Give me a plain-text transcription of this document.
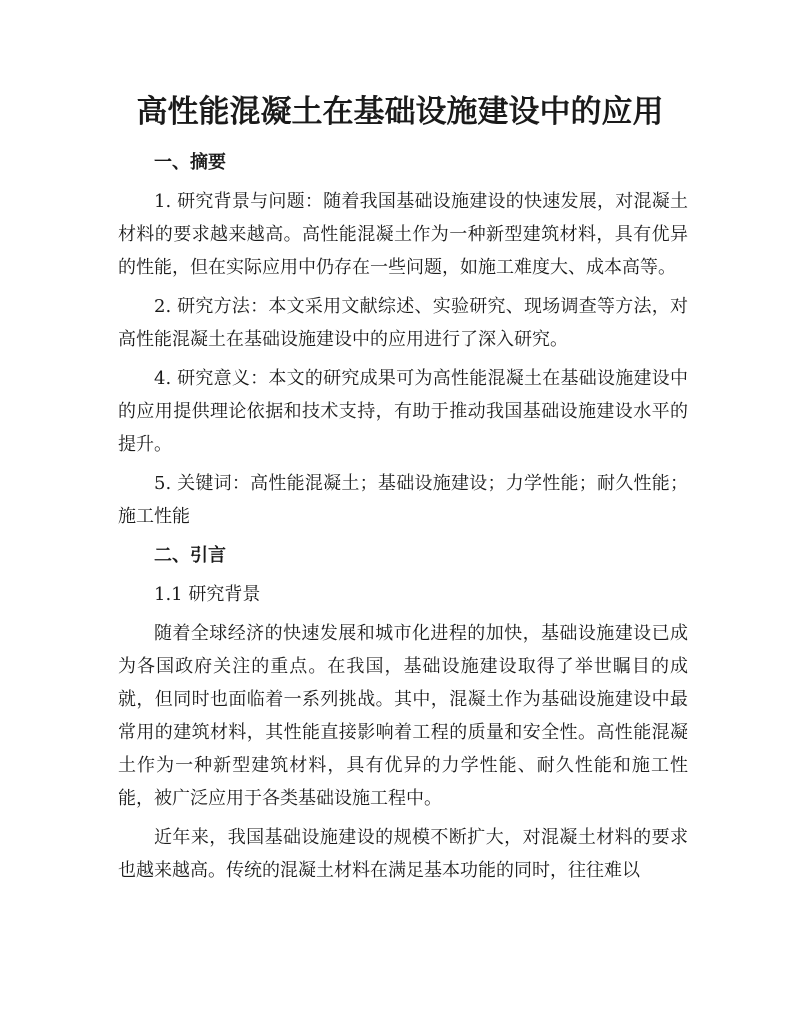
高性能混凝土在基础设施建设中的应用
一、摘要

1. 研究背景与问题：随着我国基础设施建设的快速发展，对混凝土材料的要求越来越高。高性能混凝土作为一种新型建筑材料，具有优异的性能，但在实际应用中仍存在一些问题，如施工难度大、成本高等。

2. 研究方法：本文采用文献综述、实验研究、现场调查等方法，对高性能混凝土在基础设施建设中的应用进行了深入研究。

4. 研究意义：本文的研究成果可为高性能混凝土在基础设施建设中的应用提供理论依据和技术支持，有助于推动我国基础设施建设水平的提升。

5. 关键词：高性能混凝土；基础设施建设；力学性能；耐久性能；施工性能

二、引言
1.1 研究背景

随着全球经济的快速发展和城市化进程的加快，基础设施建设已成为各国政府关注的重点。在我国，基础设施建设取得了举世瞩目的成就，但同时也面临着一系列挑战。其中，混凝土作为基础设施建设中最常用的建筑材料，其性能直接影响着工程的质量和安全性。高性能混凝土作为一种新型建筑材料，具有优异的力学性能、耐久性能和施工性能，被广泛应用于各类基础设施工程中。

近年来，我国基础设施建设的规模不断扩大，对混凝土材料的要求也越来越高。传统的混凝土材料在满足基本功能的同时，往往难以
